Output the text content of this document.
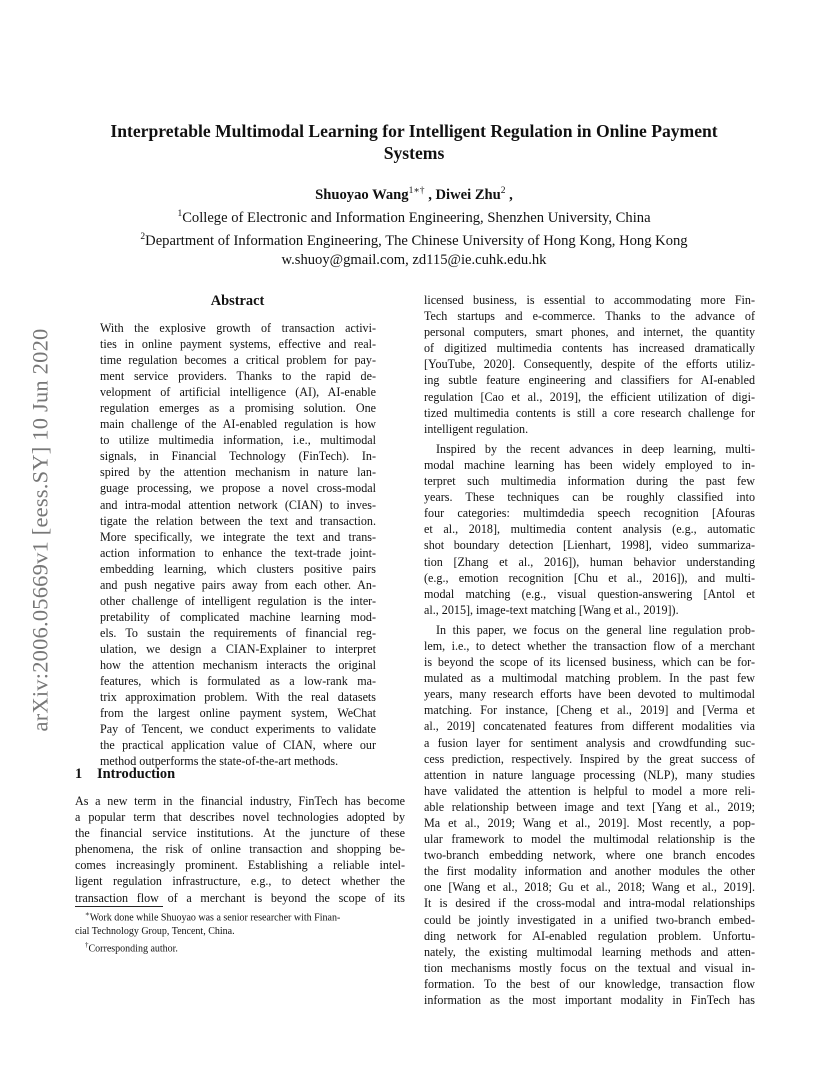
arXiv:2006.05669v1 [eess.SY] 10 Jun 2020
Interpretable Multimodal Learning for Intelligent Regulation in Online Payment
Systems
Shuoyao Wang$^{1∗\dagger}$ , Diwei Zhu$^2$ ,
$^1$College of Electronic and Information Engineering, Shenzhen University, China
$^2$Department of Information Engineering, The Chinese University of Hong Kong, Hong Kong
w.shuoy@gmail.com, zd115@ie.cuhk.edu.hk
Abstract
With the explosive growth of transaction activi-
ties in online payment systems, effective and real-
time regulation becomes a critical problem for pay-
ment service providers. Thanks to the rapid de-
velopment of artificial intelligence (AI), AI-enable
regulation emerges as a promising solution. One
main challenge of the AI-enabled regulation is how
to utilize multimedia information, i.e., multimodal
signals, in Financial Technology (FinTech). In-
spired by the attention mechanism in nature lan-
guage processing, we propose a novel cross-modal
and intra-modal attention network (CIAN) to inves-
tigate the relation between the text and transaction.
More specifically, we integrate the text and trans-
action information to enhance the text-trade joint-
embedding learning, which clusters positive pairs
and push negative pairs away from each other. An-
other challenge of intelligent regulation is the inter-
pretability of complicated machine learning mod-
els. To sustain the requirements of financial reg-
ulation, we design a CIAN-Explainer to interpret
how the attention mechanism interacts the original
features, which is formulated as a low-rank ma-
trix approximation problem. With the real datasets
from the largest online payment system, WeChat
Pay of Tencent, we conduct experiments to validate
the practical application value of CIAN, where our
method outperforms the state-of-the-art methods.
1 Introduction
As a new term in the financial industry, FinTech has become
a popular term that describes novel technologies adopted by
the financial service institutions. At the juncture of these
phenomena, the risk of online transaction and shopping be-
comes increasingly prominent. Establishing a reliable intel-
ligent regulation infrastructure, e.g., to detect whether the
transaction flow of a merchant is beyond the scope of its
∗Work done while Shuoyao was a senior researcher with Finan-
cial Technology Group, Tencent, China.
†Corresponding author.
licensed business, is essential to accommodating more Fin-
Tech startups and e-commerce. Thanks to the advance of
personal computers, smart phones, and internet, the quantity
of digitized multimedia contents has increased dramatically
[YouTube, 2020]. Consequently, despite of the efforts utiliz-
ing subtle feature engineering and classifiers for AI-enabled
regulation [Cao et al., 2019], the efficient utilization of digi-
tized multimedia contents is still a core research challenge for
intelligent regulation.
Inspired by the recent advances in deep learning, multi-
modal machine learning has been widely employed to in-
terpret such multimedia information during the past few
years. These techniques can be roughly classified into
four categories: multimdedia speech recognition [Afouras
et al., 2018], multimedia content analysis (e.g., automatic
shot boundary detection [Lienhart, 1998], video summariza-
tion [Zhang et al., 2016]), human behavior understanding
(e.g., emotion recognition [Chu et al., 2016]), and multi-
modal matching (e.g., visual question-answering [Antol et
al., 2015], image-text matching [Wang et al., 2019]).
In this paper, we focus on the general line regulation prob-
lem, i.e., to detect whether the transaction flow of a merchant
is beyond the scope of its licensed business, which can be for-
mulated as a multimodal matching problem. In the past few
years, many research efforts have been devoted to multimodal
matching. For instance, [Cheng et al., 2019] and [Verma et
al., 2019] concatenated features from different modalities via
a fusion layer for sentiment analysis and crowdfunding suc-
cess prediction, respectively. Inspired by the great success of
attention in nature language processing (NLP), many studies
have validated the attention is helpful to model a more reli-
able relationship between image and text [Yang et al., 2019;
Ma et al., 2019; Wang et al., 2019]. Most recently, a pop-
ular framework to model the multimodal relationship is the
two-branch embedding network, where one branch encodes
the first modality information and another modules the other
one [Wang et al., 2018; Gu et al., 2018; Wang et al., 2019].
It is desired if the cross-modal and intra-modal relationships
could be jointly investigated in a unified two-branch embed-
ding network for AI-enabled regulation problem. Unfortu-
nately, the existing multimodal learning methods and atten-
tion mechanisms mostly focus on the textual and visual in-
formation. To the best of our knowledge, transaction flow
information as the most important modality in FinTech has
